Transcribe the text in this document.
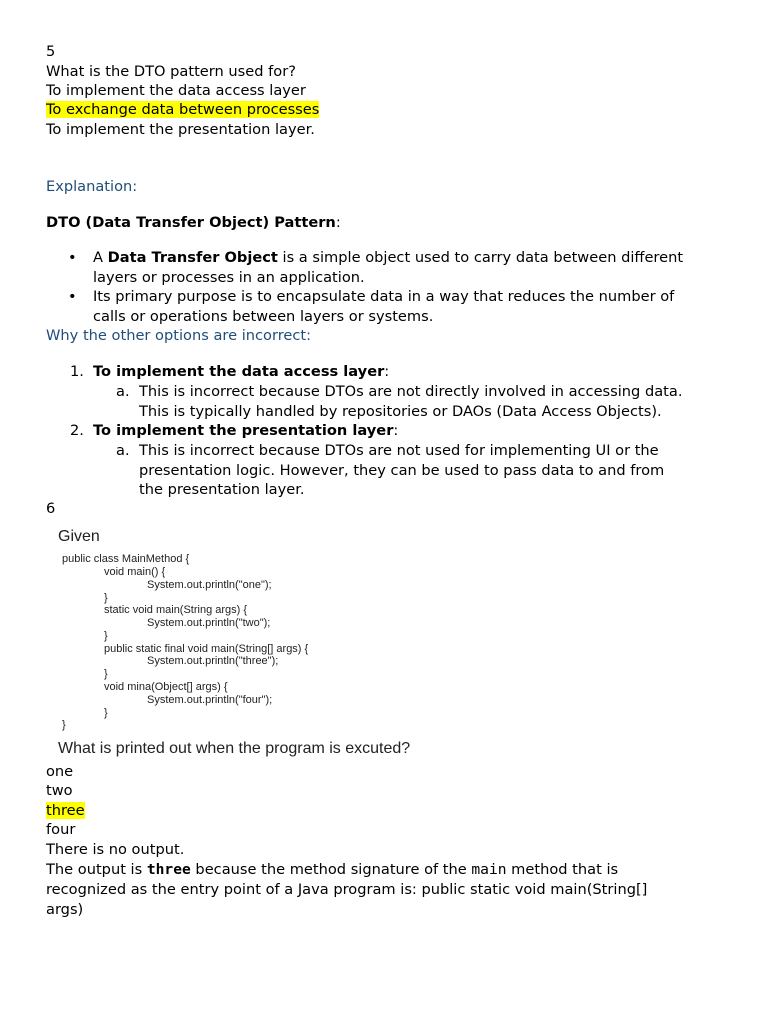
5
What is the DTO pattern used for?
To implement the data access layer
To exchange data between processes
To implement the presentation layer.
Explanation:
DTO (Data Transfer Object) Pattern:
• A Data Transfer Object is a simple object used to carry data between different
layers or processes in an application.
• Its primary purpose is to encapsulate data in a way that reduces the number of
calls or operations between layers or systems.
Why the other options are incorrect:
1. To implement the data access layer:
a. This is incorrect because DTOs are not directly involved in accessing data.
This is typically handled by repositories or DAOs (Data Access Objects).
2. To implement the presentation layer:
a. This is incorrect because DTOs are not used for implementing UI or the
presentation logic. However, they can be used to pass data to and from
the presentation layer.
6
Given
public class MainMethod {
void main() {
System.out.println("one");
}
static void main(String args) {
System.out.println("two");
}
public static final void main(String[] args) {
System.out.println("three");
}
void mina(Object[] args) {
System.out.println("four");
}
}
What is printed out when the program is excuted?
one
two
three
four
There is no output.
The output is three because the method signature of the main method that is
recognized as the entry point of a Java program is: public static void main(String[]
args)
